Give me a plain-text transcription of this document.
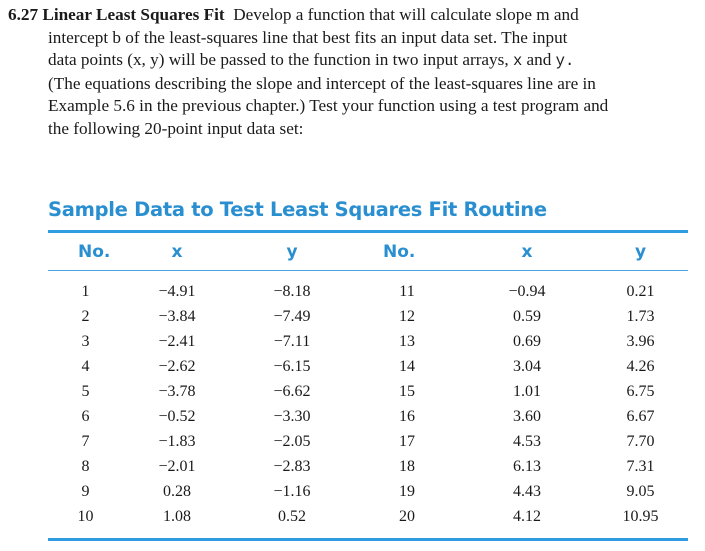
6.27 Linear Least Squares Fit Develop a function that will calculate slope m and
intercept b of the least-squares line that best fits an input data set. The input
data points (x, y) will be passed to the function in two input arrays, x and y.
(The equations describing the slope and intercept of the least-squares line are in
Example 5.6 in the previous chapter.) Test your function using a test program and
the following 20-point input data set:
Sample Data to Test Least Squares Fit Routine
No.	x	y	No.	x	y
1	−4.91	−8.18	11	−0.94	0.21
2	−3.84	−7.49	12	0.59	1.73
3	−2.41	−7.11	13	0.69	3.96
4	−2.62	−6.15	14	3.04	4.26
5	−3.78	−6.62	15	1.01	6.75
6	−0.52	−3.30	16	3.60	6.67
7	−1.83	−2.05	17	4.53	7.70
8	−2.01	−2.83	18	6.13	7.31
9	0.28	−1.16	19	4.43	9.05
10	1.08	0.52	20	4.12	10.95
